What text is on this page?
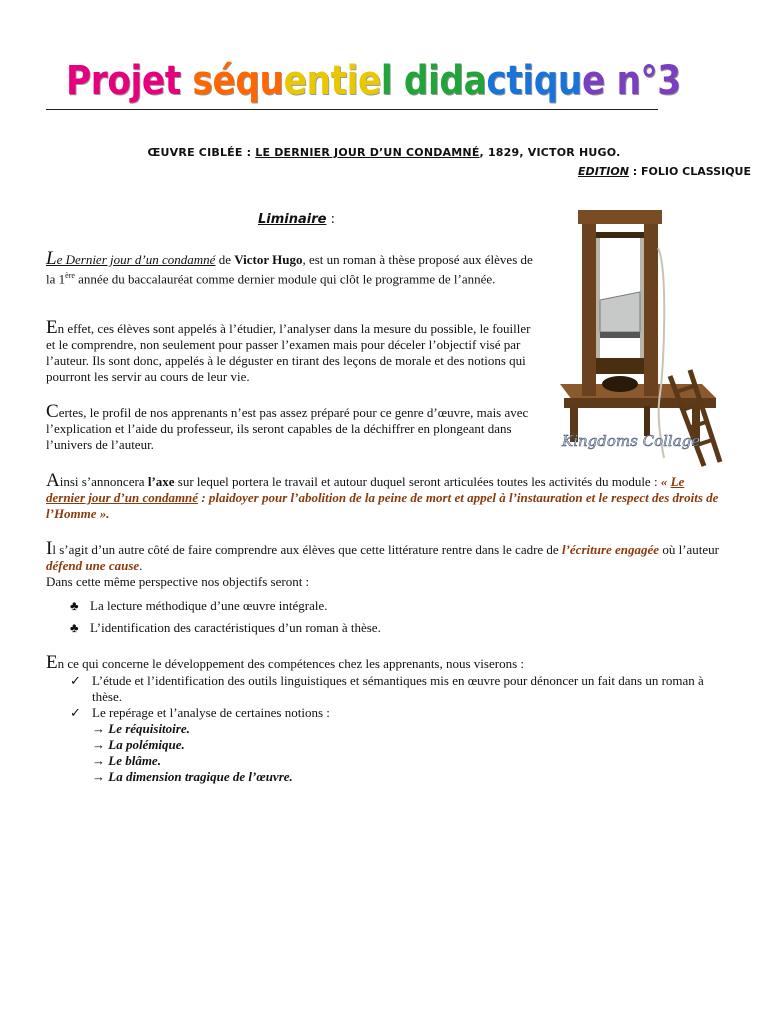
Projet séquentiel didactique n°3
ŒUVRE CIBLÉE : LE DERNIER JOUR D’UN CONDAMNÉ, 1829, VICTOR HUGO.
EDITION : FOLIO CLASSIQUE
Liminaire :
Kingdoms Collage
Le Dernier jour d’un condamné de Victor Hugo, est un roman à thèse proposé aux élèves de la 1ère année du baccalauréat comme dernier module qui clôt le programme de l’année.
En effet, ces élèves sont appelés à l’étudier, l’analyser dans la mesure du possible, le fouiller et le comprendre, non seulement pour passer l’examen mais pour déceler l’objectif visé par l’auteur. Ils sont donc, appelés à le déguster en tirant des leçons de morale et des notions qui pourront les servir au cours de leur vie.
Certes, le profil de nos apprenants n’est pas assez préparé pour ce genre d’œuvre, mais avec l’explication et l’aide du professeur, ils seront capables de la déchiffrer en plongeant dans l’univers de l’auteur.
Ainsi s’annoncera l’axe sur lequel portera le travail et autour duquel seront articulées toutes les activités du module : « Le dernier jour d’un condamné : plaidoyer pour l’abolition de la peine de mort et appel à l’instauration et le respect des droits de l’Homme ».
Il s’agit d’un autre côté de faire comprendre aux élèves que cette littérature rentre dans le cadre de l’écriture engagée où l’auteur défend une cause.
Dans cette même perspective nos objectifs seront :
♣ La lecture méthodique d’une œuvre intégrale.
♣ L’identification des caractéristiques d’un roman à thèse.
En ce qui concerne le développement des compétences chez les apprenants, nous viserons :
✓ L’étude et l’identification des outils linguistiques et sémantiques mis en œuvre pour dénoncer un fait dans un roman à thèse.
✓ Le repérage et l’analyse de certaines notions :
→ Le réquisitoire.
→ La polémique.
→ Le blâme.
→ La dimension tragique de l’œuvre.
